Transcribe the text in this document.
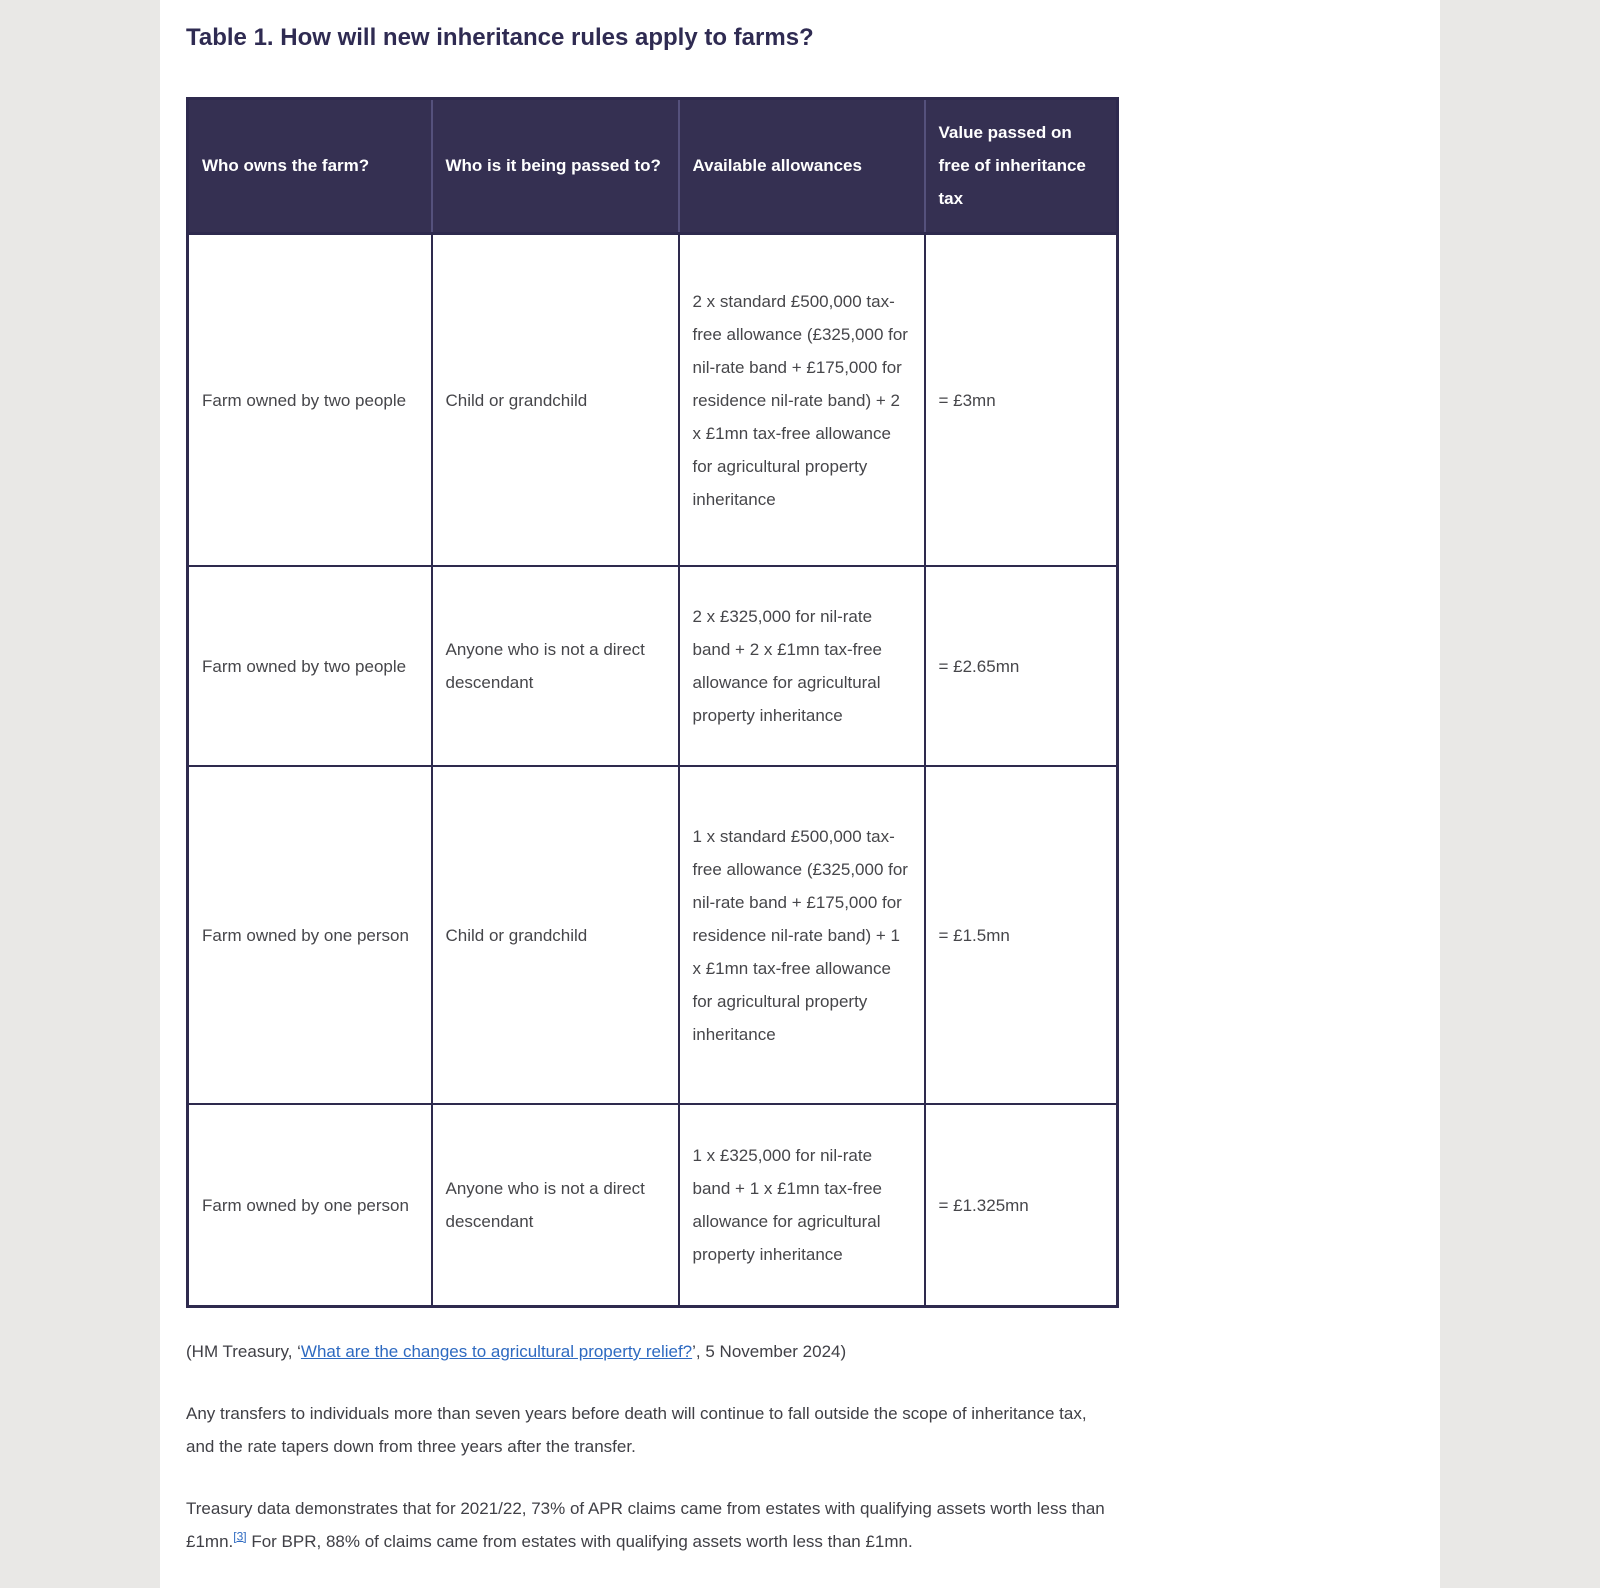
Table 1. How will new inheritance rules apply to farms?
Who owns the farm?	Who is it being passed to?	Available allowances	Value passed on free of inheritance tax
Farm owned by two people	Child or grandchild	2 x standard £500,000 tax-free allowance (£325,000 for nil-rate band + £175,000 for residence nil-rate band) + 2 x £1mn tax-free allowance for agricultural property inheritance	= £3mn
Farm owned by two people	Anyone who is not a direct descendant	2 x £325,000 for nil-rate band + 2 x £1mn tax-free allowance for agricultural property inheritance	= £2.65mn
Farm owned by one person	Child or grandchild	1 x standard £500,000 tax-free allowance (£325,000 for nil-rate band + £175,000 for residence nil-rate band) + 1 x £1mn tax-free allowance for agricultural property inheritance	= £1.5mn
Farm owned by one person	Anyone who is not a direct descendant	1 x £325,000 for nil-rate band + 1 x £1mn tax-free allowance for agricultural property inheritance	= £1.325mn

(HM Treasury, ‘What are the changes to agricultural property relief?’, 5 November 2024)

Any transfers to individuals more than seven years before death will continue to fall outside the scope of inheritance tax, and the rate tapers down from three years after the transfer.

Treasury data demonstrates that for 2021/22, 73% of APR claims came from estates with qualifying assets worth less than £1mn.[3] For BPR, 88% of claims came from estates with qualifying assets worth less than £1mn.
